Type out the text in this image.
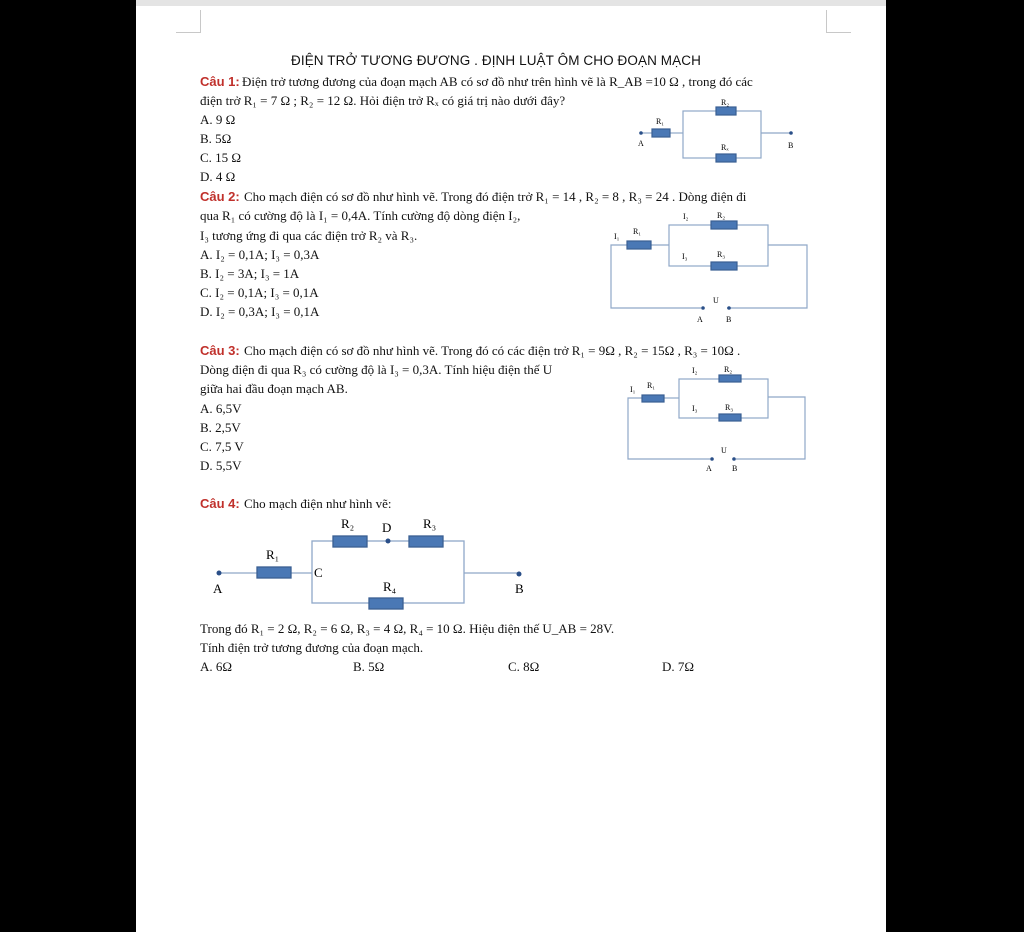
ĐIỆN TRỞ TƯƠNG ĐƯƠNG . ĐỊNH LUẬT ÔM CHO ĐOẠN MẠCH
Câu 1: Điện trở tương đương của đoạn mạch AB có sơ đồ như trên hình vẽ là R_AB =10 Ω , trong đó các
điện trở R₁ = 7 Ω ; R₂ = 12 Ω. Hỏi điện trở Rₓ có giá trị nào dưới đây?
A. 9 Ω
B. 5Ω
C. 15 Ω
D. 4 Ω
Câu 2: Cho mạch điện có sơ đồ như hình vẽ. Trong đó điện trở R₁ = 14 , R₂ = 8 , R₃ = 24 . Dòng điện đi
qua R₁ có cường độ là I₁ = 0,4A. Tính cường độ dòng điện I₂,
I₃ tương ứng đi qua các điện trở R₂ và R₃.
A. I₂ = 0,1A; I₃ = 0,3A
B. I₂ = 3A; I₃ = 1A
C. I₂ = 0,1A; I₃ = 0,1A
D. I₂ = 0,3A; I₃ = 0,1A
Câu 3: Cho mạch điện có sơ đồ như hình vẽ. Trong đó có các điện trở R₁ = 9Ω , R₂ = 15Ω , R₃ = 10Ω .
Dòng điện đi qua R₃ có cường độ là I₃ = 0,3A. Tính hiệu điện thế U
giữa hai đầu đoạn mạch AB.
A. 6,5V
B. 2,5V
C. 7,5 V
D. 5,5V
Câu 4: Cho mạch điện như hình vẽ:
Trong đó R₁ = 2 Ω, R₂ = 6 Ω, R₃ = 4 Ω, R₄ = 10 Ω. Hiệu điện thế U_AB = 28V.
Tính điện trở tương đương của đoạn mạch.
A. 6Ω	B. 5Ω	C. 8Ω	D. 7Ω
R₁
R₂
Rₓ
A	B
I₁
R₁
I₂	R₂
I₃	R₃
U
A	B
I₁ R₁
I₂	R₂
I₃	R₃
U
A	B
R₁
R₂ D R₃
C
R₄
A	B
